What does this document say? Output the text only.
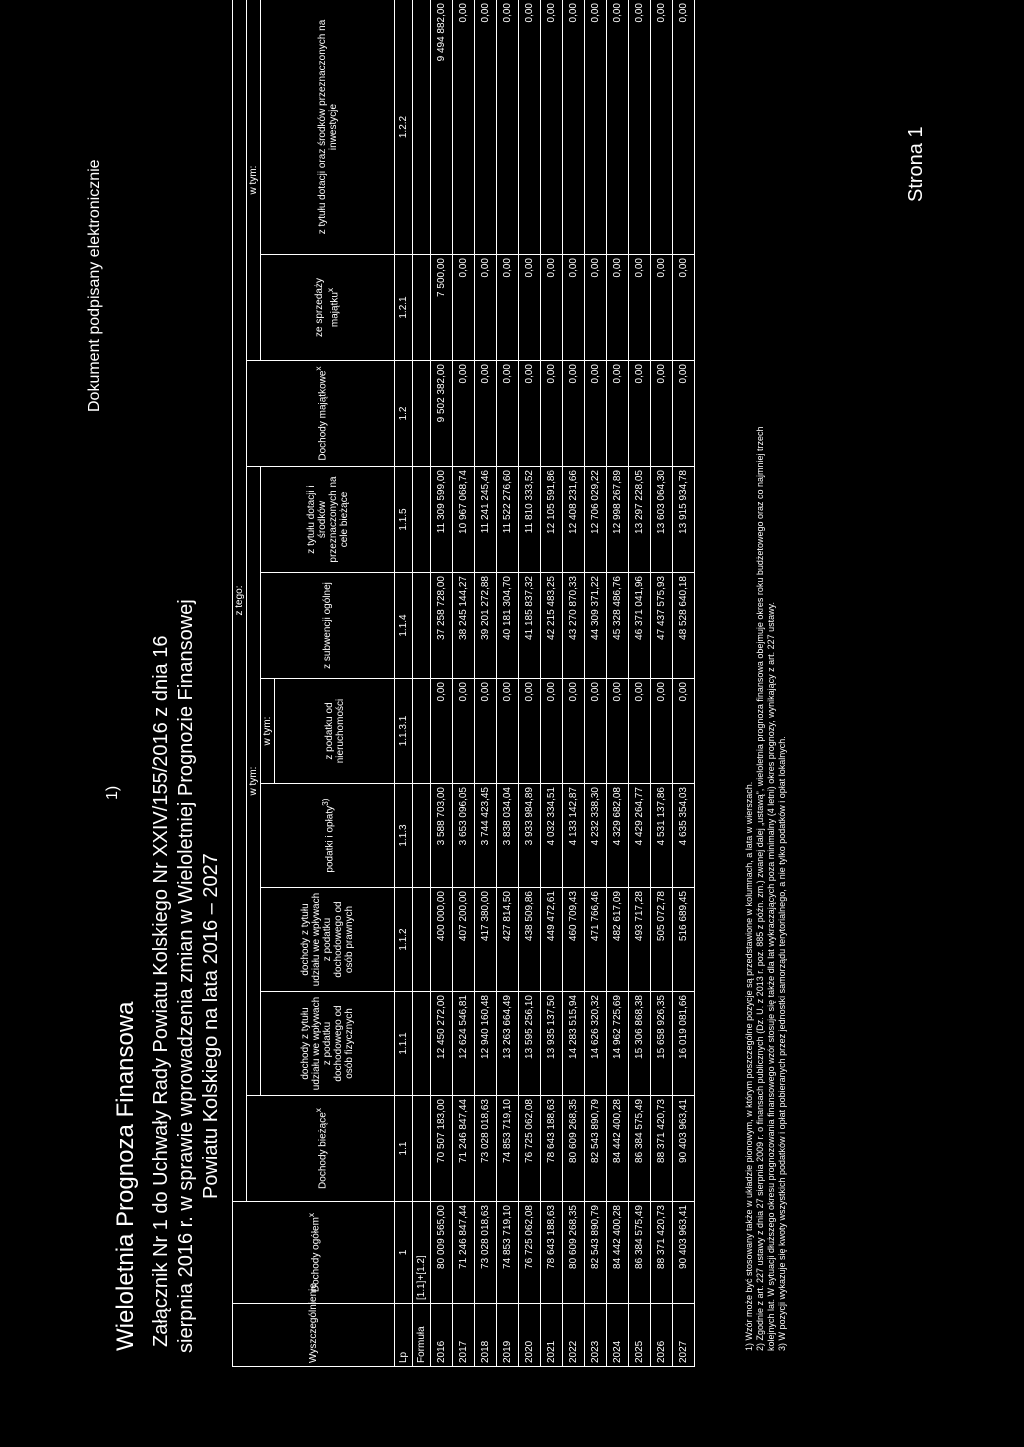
Wieloletnia Prognoza Finansowa
1)
Dokument podpisany elektronicznie
Załącznik Nr 1 do Uchwały Rady Powiatu Kolskiego Nr XXIV/155/2016 z dnia 16 sierpnia 2016 r. w sprawie wprowadzenia zmian w Wieloletniej Prognozie Finansowej Powiatu Kolskiego na lata 2016 – 2027
Wyszczególnienie	Dochody ogółem$^x$	z tego:									
		Dochody bieżące$^x$	w tym:						Dochody majątkowe$^x$	w tym:	
			dochody z tytułu udziału we wpływach z podatku dochodowego od osób fizycznych	dochody z tytułu udziału we wpływach z podatku dochodowego od osób prawnych	podatki i opłaty$^{3)}$	w tym:	z subwencji ogólnej	z tytułu dotacji i środków przeznaczonych na cele bieżące		ze sprzedaży majątku$^x$	z tytułu dotacji oraz środków przeznaczonych na inwestycje
						z podatku od nieruchomości					
Lp	1	1.1	1.1.1	1.1.2	1.1.3	1.1.3.1	1.1.4	1.1.5	1.2	1.2.1	1.2.2
Formuła	[1.1]+[1.2]										
2016	80 009 565,00	70 507 183,00	12 450 272,00	400 000,00	3 588 703,00	0,00	37 258 728,00	11 309 599,00	9 502 382,00	7 500,00	9 494 882,00
2017	71 246 847,44	71 246 847,44	12 624 546,81	407 200,00	3 653 096,05	0,00	38 245 144,27	10 967 068,74	0,00	0,00	0,00
2018	73 028 018,63	73 028 018,63	12 940 160,48	417 380,00	3 744 423,45	0,00	39 201 272,88	11 241 245,46	0,00	0,00	0,00
2019	74 853 719,10	74 853 719,10	13 263 664,49	427 814,50	3 838 034,04	0,00	40 181 304,70	11 522 276,60	0,00	0,00	0,00
2020	76 725 062,08	76 725 062,08	13 595 256,10	438 509,86	3 933 984,89	0,00	41 185 837,32	11 810 333,52	0,00	0,00	0,00
2021	78 643 188,63	78 643 188,63	13 935 137,50	449 472,61	4 032 334,51	0,00	42 215 483,25	12 105 591,86	0,00	0,00	0,00
2022	80 609 268,35	80 609 268,35	14 283 515,94	460 709,43	4 133 142,87	0,00	43 270 870,33	12 408 231,66	0,00	0,00	0,00
2023	82 543 890,79	82 543 890,79	14 626 320,32	471 766,46	4 232 338,30	0,00	44 309 371,22	12 706 029,22	0,00	0,00	0,00
2024	84 442 400,28	84 442 400,28	14 962 725,69	482 617,09	4 329 682,08	0,00	45 328 486,76	12 998 267,89	0,00	0,00	0,00
2025	86 384 575,49	86 384 575,49	15 306 868,38	493 717,28	4 429 264,77	0,00	46 371 041,96	13 297 228,05	0,00	0,00	0,00
2026	88 371 420,73	88 371 420,73	15 658 926,35	505 072,78	4 531 137,86	0,00	47 437 575,93	13 603 064,30	0,00	0,00	0,00
2027	90 403 963,41	90 403 963,41	16 019 081,66	516 689,45	4 635 354,03	0,00	48 528 640,18	13 915 934,78	0,00	0,00	0,00
1) Wzór może być stosowany także w układzie pionowym, w którym poszczególne pozycje są przedstawione w kolumnach, a lata w wierszach. 2) Zgodnie z art. 227 ustawy z dnia 27 sierpnia 2009 r. o finansach publicznych (Dz. U. z 2013 r. poz. 885 z późn. zm.) zwanej dalej „ustawą”, wieloletnia prognoza finansowa obejmuje okres roku budżetowego oraz co najmniej trzech kolejnych lat. W sytuacji dłuższego okresu prognozowania finansowego wzór stosuje się także dla lat wykraczających poza minimalny (4 letni) okres prognozy, wynikający z art. 227 ustawy. 3) W pozycji wykazuje się kwoty wszystkich podatków i opłat pobieranych przez jednostki samorządu terytorialnego, a nie tylko podatków i opłat lokalnych.
Strona 1
